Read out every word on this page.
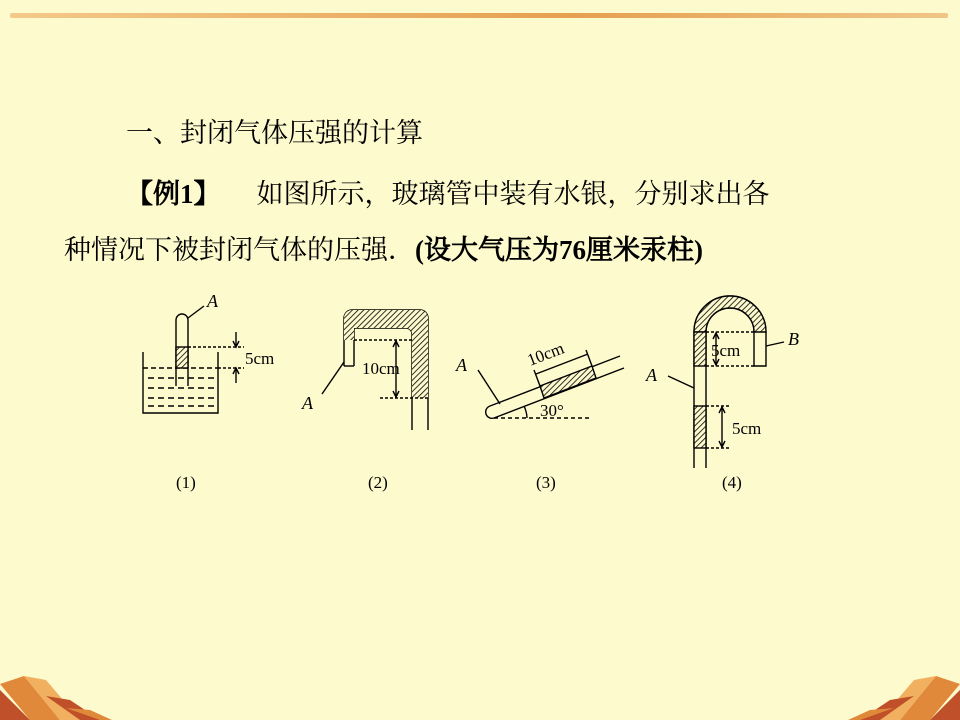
一、封闭气体压强的计算
【例1】 如图所示，玻璃管中装有水银，分别求出各
种情况下被封闭气体的压强．(设大气压为76厘米汞柱)
A
5cm
(1)
10cm
A
(2)
10cm
30°
A
(3)
5cm
5cm
A
B
(4)
